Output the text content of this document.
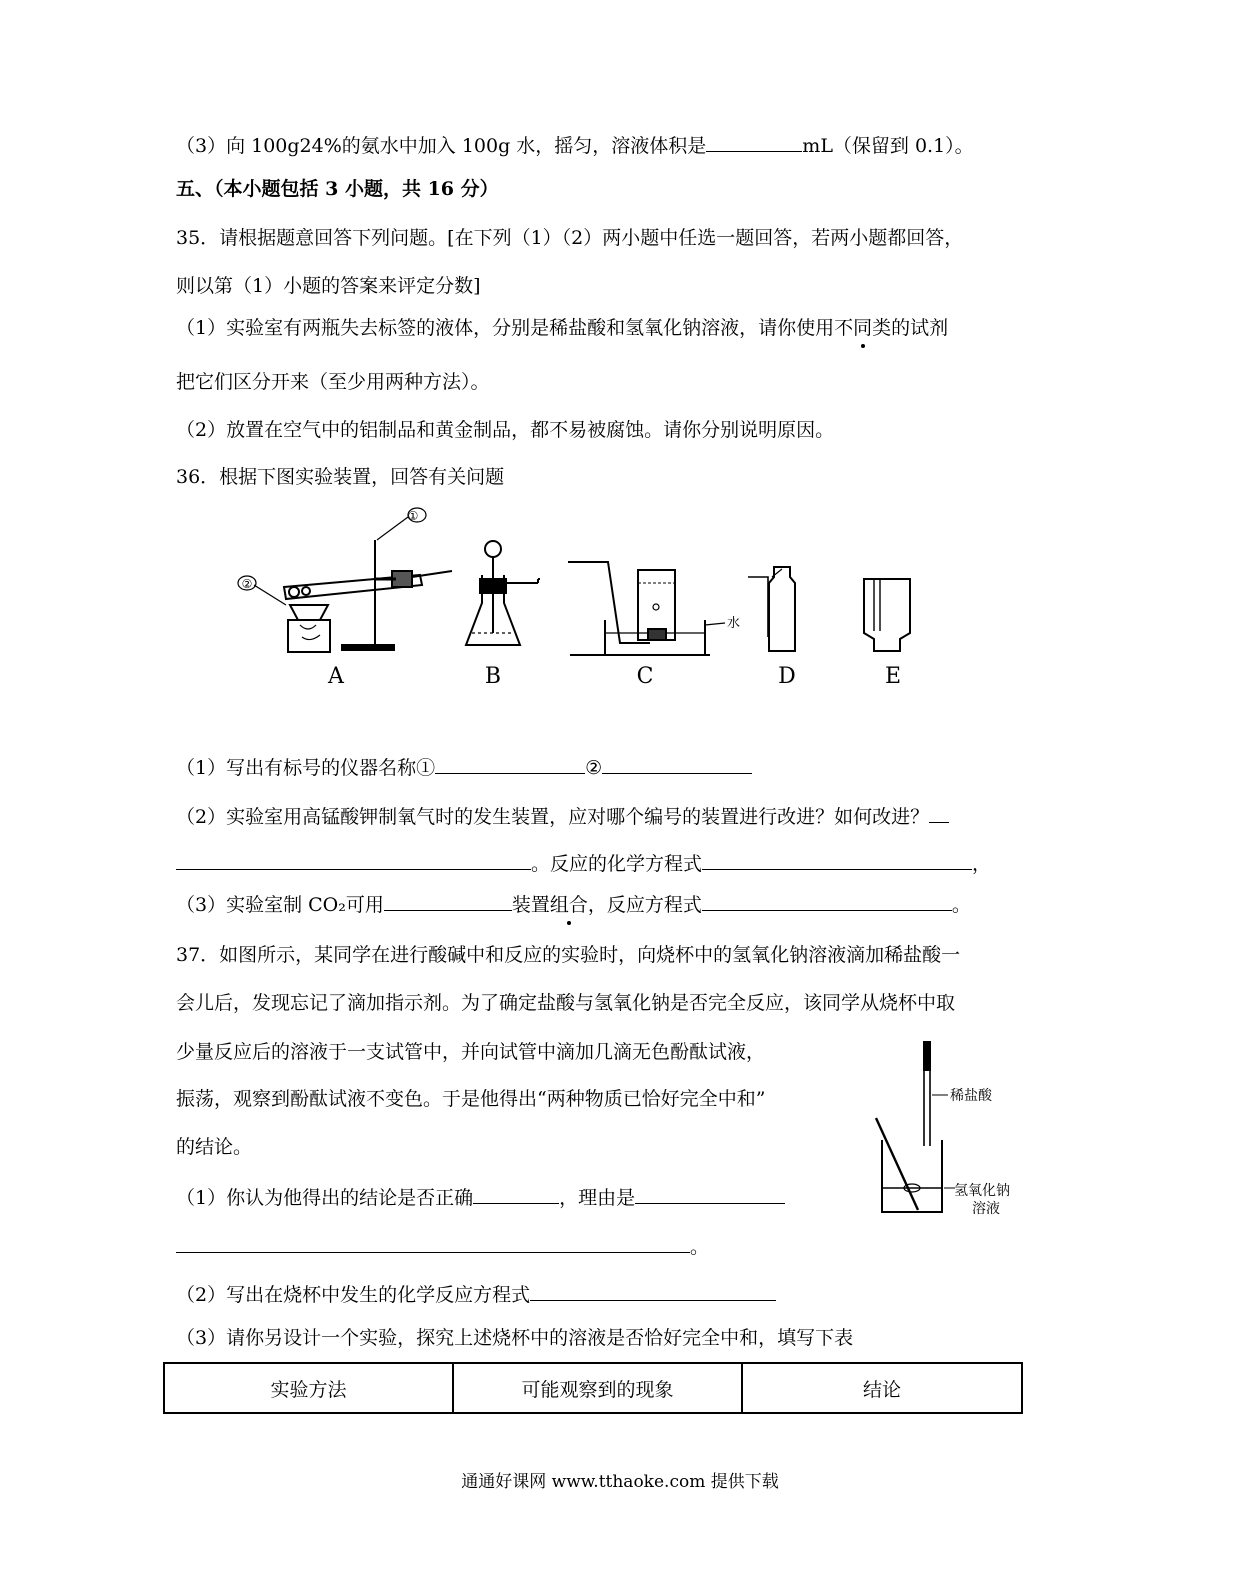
（3）向 100g24%的氨水中加入 100g 水，摇匀，溶液体积是	mL（保留到 0.1）。
五、（本小题包括 3 小题，共 16 分）
35．请根据题意回答下列问题。[在下列（1）（2）两小题中任选一题回答，若两小题都回答，
则以第（1）小题的答案来评定分数]
（1）实验室有两瓶失去标签的液体，分别是稀盐酸和氢氧化钠溶液，请你使用不同类的试剂
把它们区分开来（至少用两种方法）。
（2）放置在空气中的铝制品和黄金制品，都不易被腐蚀。请你分别说明原因。
36．根据下图实验装置，回答有关问题
①
②
水
A	B	C	D	E
（1）写出有标号的仪器名称①	②
（2）实验室用高锰酸钾制氧气时的发生装置，应对哪个编号的装置进行改进？如何改进？
。反应的化学方程式	，
（3）实验室制 CO₂可用	装置组合，反应方程式	。
37．如图所示，某同学在进行酸碱中和反应的实验时，向烧杯中的氢氧化钠溶液滴加稀盐酸一
会儿后，发现忘记了滴加指示剂。为了确定盐酸与氢氧化钠是否完全反应，该同学从烧杯中取
少量反应后的溶液于一支试管中，并向试管中滴加几滴无色酚酞试液，
振荡，观察到酚酞试液不变色。于是他得出“两种物质已恰好完全中和”
的结论。
稀盐酸
氢氧化钠
溶液
（1）你认为他得出的结论是否正确	，理由是
。
（2）写出在烧杯中发生的化学反应方程式
（3）请你另设计一个实验，探究上述烧杯中的溶液是否恰好完全中和，填写下表
实验方法	可能观察到的现象	结论
通通好课网 www.tthaoke.com 提供下载
